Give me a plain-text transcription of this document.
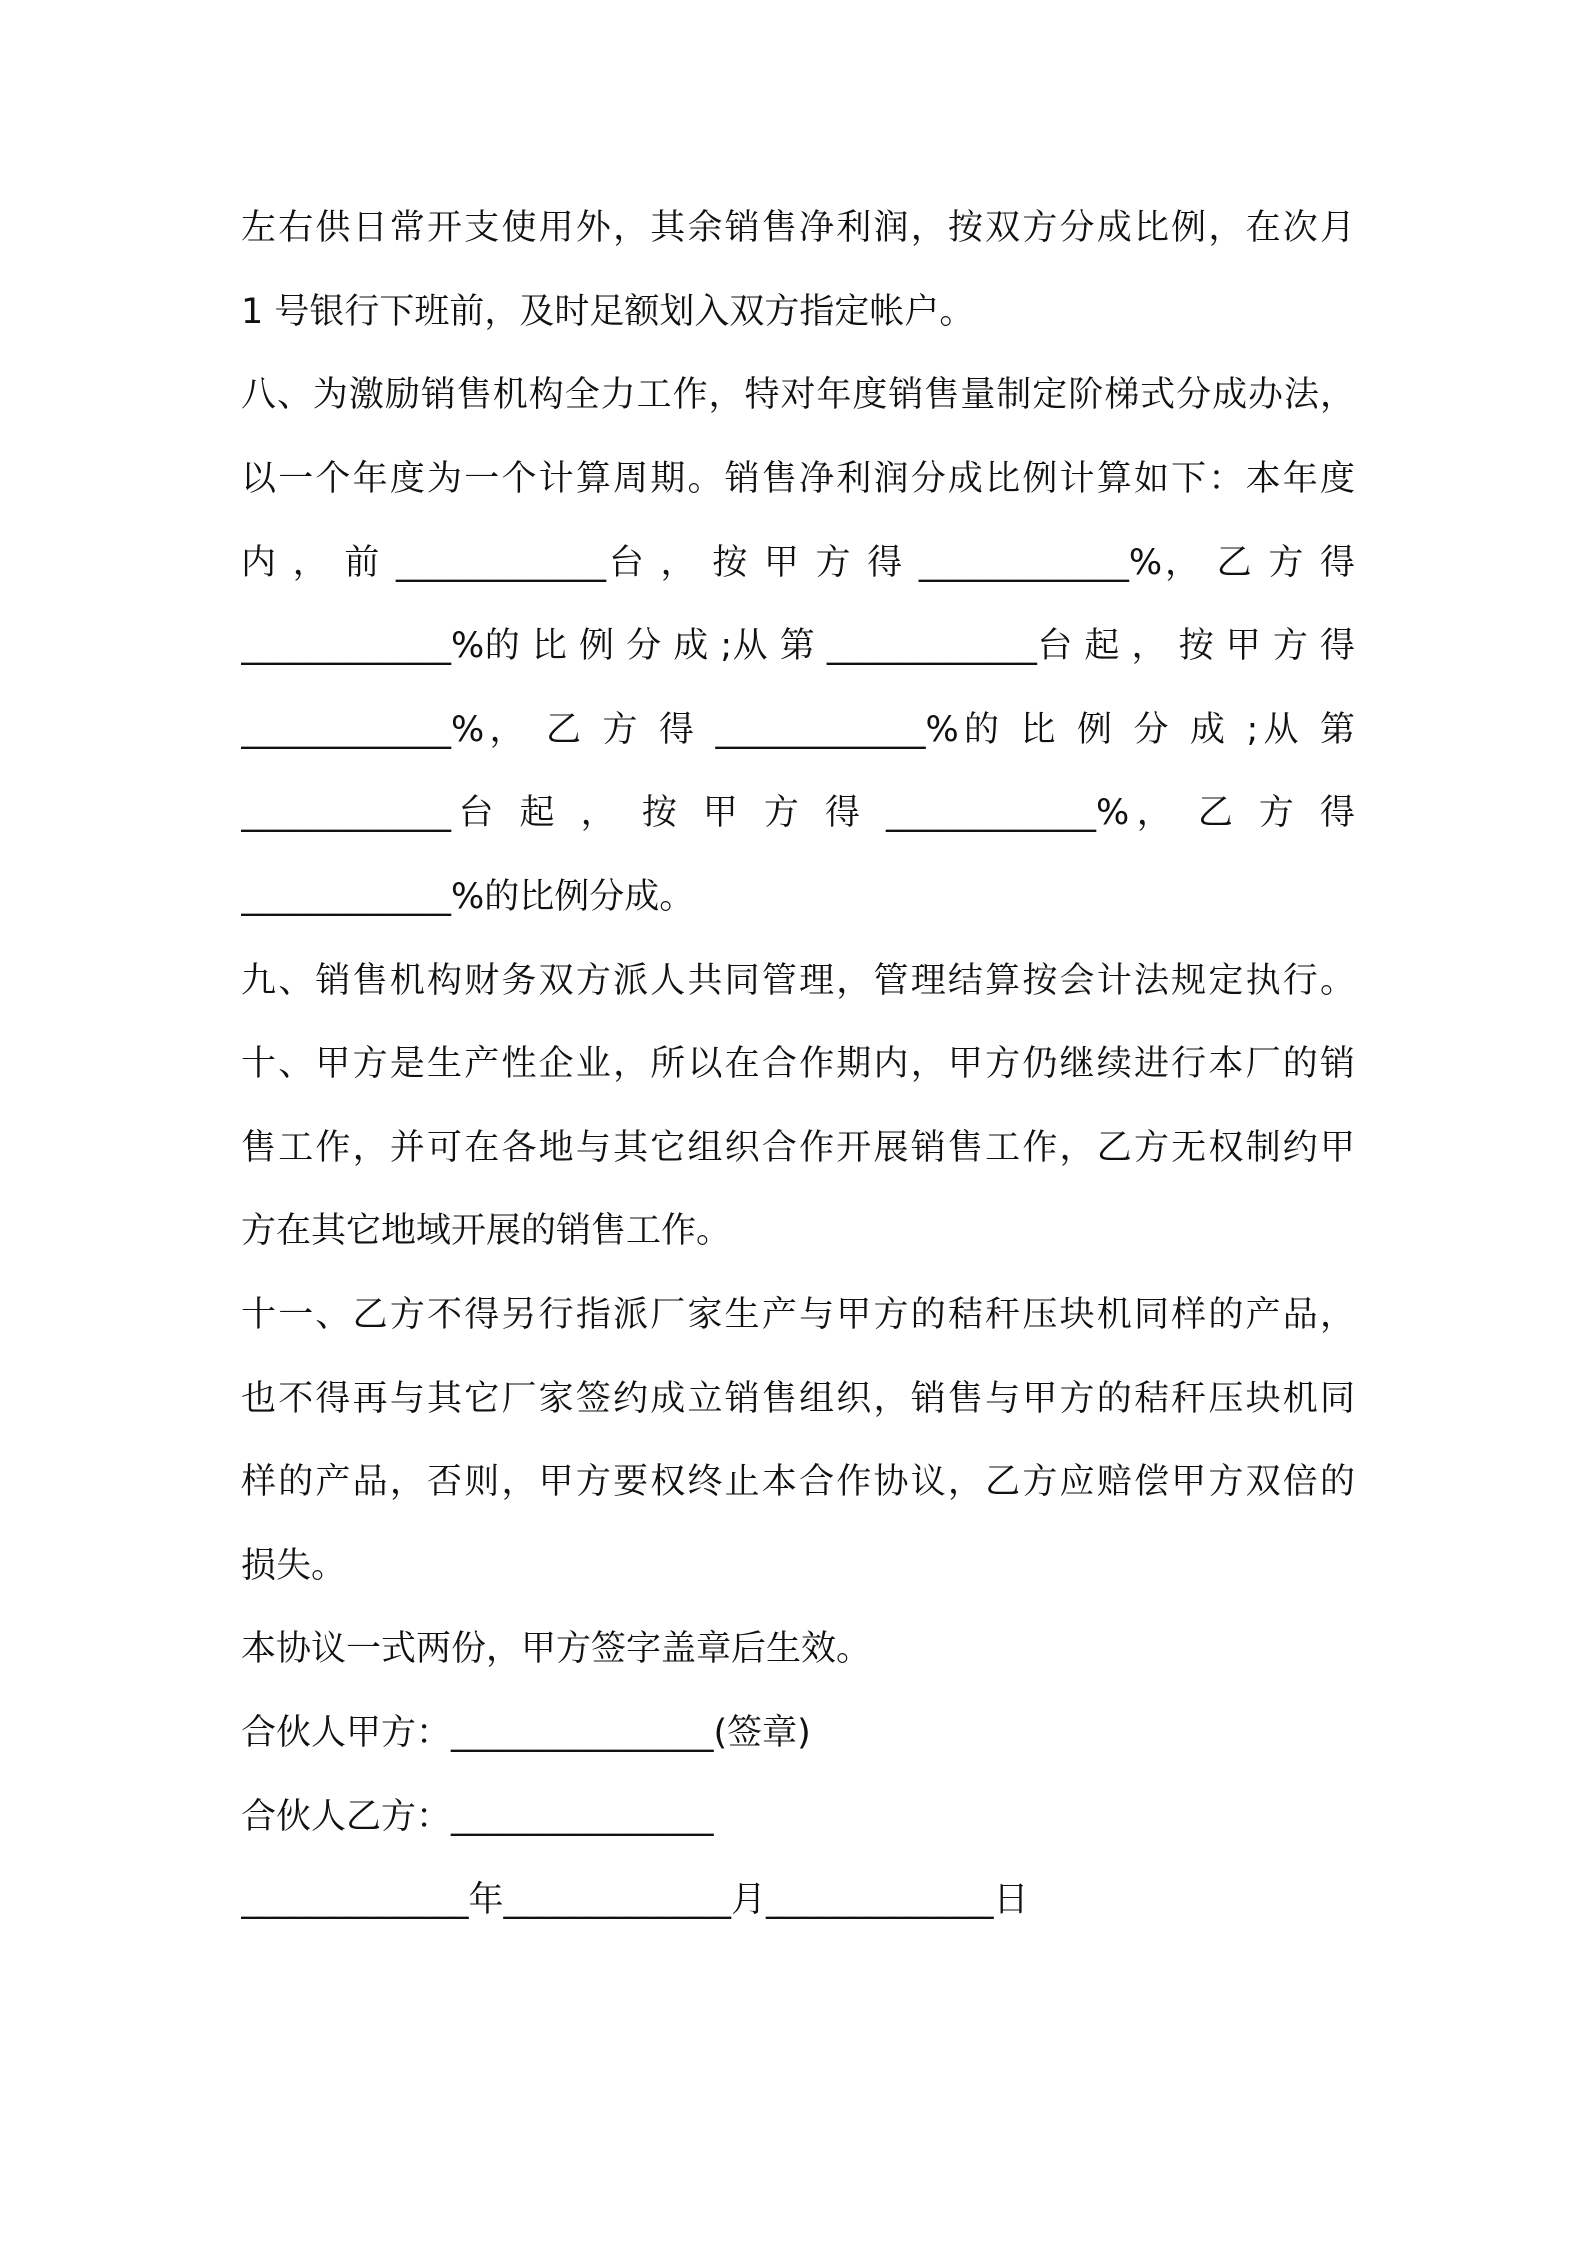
左右供日常开支使用外，其余销售净利润，按双方分成比例，在次月
1 号银行下班前，及时足额划入双方指定帐户。
八、为激励销售机构全力工作，特对年度销售量制定阶梯式分成办法，
以一个年度为一个计算周期。销售净利润分成比例计算如下：本年度
内 ， 前 ____________台 ， 按 甲 方 得 ____________%， 乙 方 得
____________%的 比 例 分 成 ;从 第 ____________台 起 ， 按 甲 方 得
____________%， 乙 方 得 ____________%的 比 例 分 成 ;从 第
____________台 起 ， 按 甲 方 得 ____________%， 乙 方 得
____________%的比例分成。
九、销售机构财务双方派人共同管理，管理结算按会计法规定执行。
十、甲方是生产性企业，所以在合作期内，甲方仍继续进行本厂的销
售工作，并可在各地与其它组织合作开展销售工作，乙方无权制约甲
方在其它地域开展的销售工作。
十一、乙方不得另行指派厂家生产与甲方的秸秆压块机同样的产品，
也不得再与其它厂家签约成立销售组织，销售与甲方的秸秆压块机同
样的产品，否则，甲方要权终止本合作协议，乙方应赔偿甲方双倍的
损失。
本协议一式两份，甲方签字盖章后生效。
合伙人甲方：_______________(签章)
合伙人乙方：_______________
_____________年_____________月_____________日
